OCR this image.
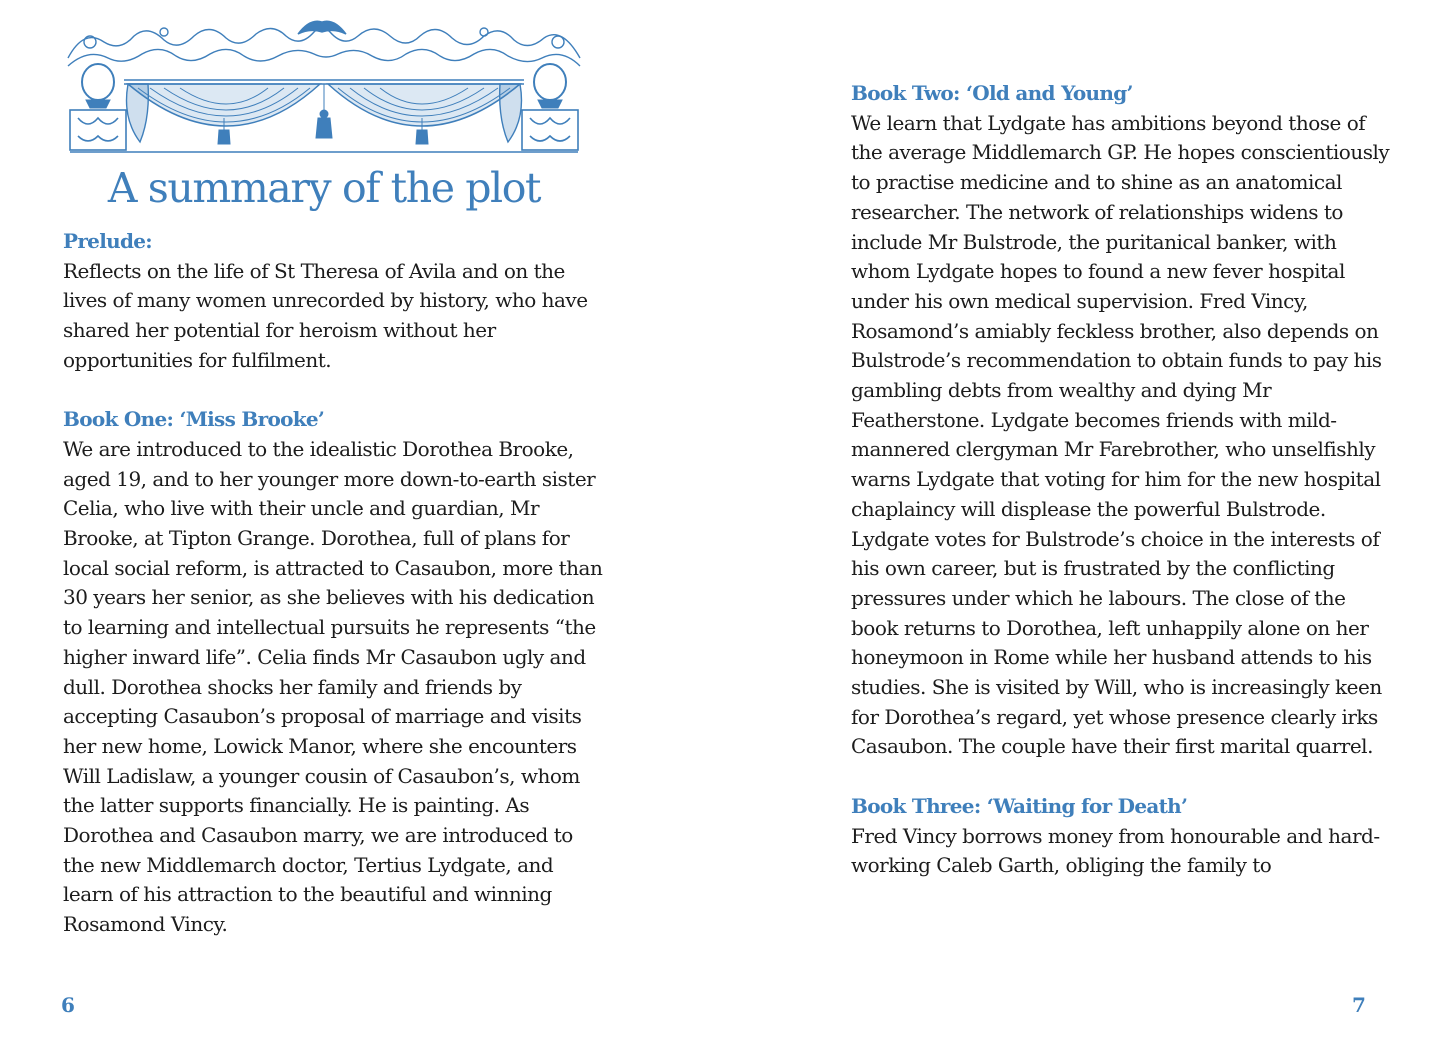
A summary of the plot
Prelude:
Reflects on the life of St Theresa of Avila and on the lives of many women unrecorded by history, who have shared her potential for heroism without her opportunities for fulfilment.
Book One: ‘Miss Brooke’
We are introduced to the idealistic Dorothea Brooke, aged 19, and to her younger more down-to-earth sister Celia, who live with their uncle and guardian, Mr Brooke, at Tipton Grange. Dorothea, full of plans for local social reform, is attracted to Casaubon, more than 30 years her senior, as she believes with his dedication to learning and intellectual pursuits he represents “the higher inward life”. Celia finds Mr Casaubon ugly and dull. Dorothea shocks her family and friends by accepting Casaubon’s proposal of marriage and visits her new home, Lowick Manor, where she encounters Will Ladislaw, a younger cousin of Casaubon’s, whom the latter supports financially. He is painting. As Dorothea and Casaubon marry, we are introduced to the new Middlemarch doctor, Tertius Lydgate, and learn of his attraction to the beautiful and winning Rosamond Vincy.
6
Book Two: ‘Old and Young’
We learn that Lydgate has ambitions beyond those of the average Middlemarch GP. He hopes conscientiously to practise medicine and to shine as an anatomical researcher. The network of relationships widens to include Mr Bulstrode, the puritanical banker, with whom Lydgate hopes to found a new fever hospital under his own medical supervision. Fred Vincy, Rosamond’s amiably feckless brother, also depends on Bulstrode’s recommendation to obtain funds to pay his gambling debts from wealthy and dying Mr Featherstone. Lydgate becomes friends with mild-mannered clergyman Mr Farebrother, who unselfishly warns Lydgate that voting for him for the new hospital chaplaincy will displease the powerful Bulstrode. Lydgate votes for Bulstrode’s choice in the interests of his own career, but is frustrated by the conflicting pressures under which he labours. The close of the book returns to Dorothea, left unhappily alone on her honeymoon in Rome while her husband attends to his studies. She is visited by Will, who is increasingly keen for Dorothea’s regard, yet whose presence clearly irks Casaubon. The couple have their first marital quarrel.
Book Three: ‘Waiting for Death’
Fred Vincy borrows money from honourable and hard-working Caleb Garth, obliging the family to
7
